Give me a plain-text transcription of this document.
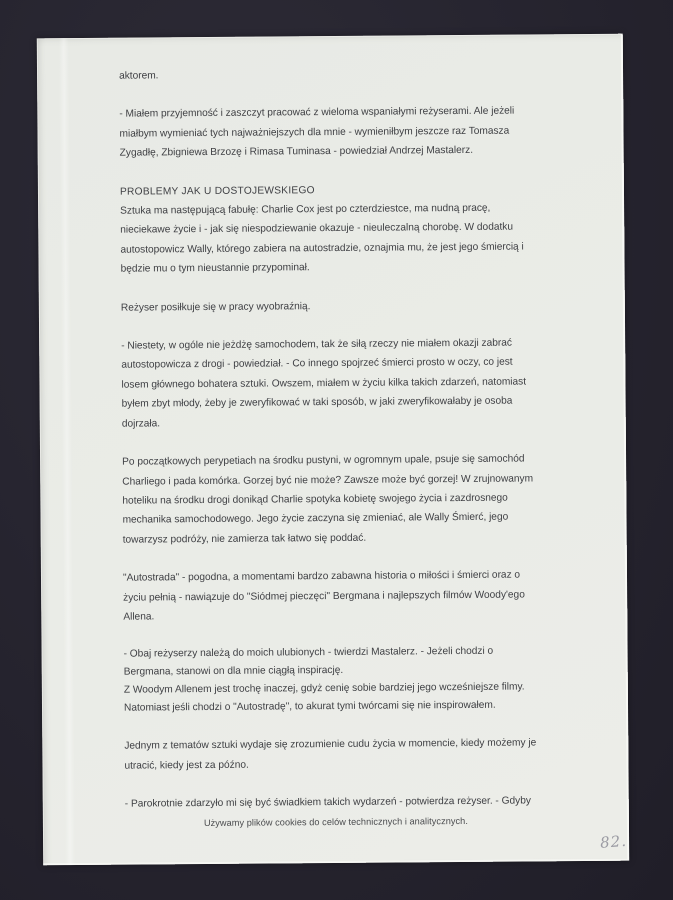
aktorem.
- Miałem przyjemność i zaszczyt pracować z wieloma wspaniałymi reżyserami. Ale jeżeli
miałbym wymieniać tych najważniejszych dla mnie - wymieniłbym jeszcze raz Tomasza
Zygadłę, Zbigniewa Brzozę i Rimasa Tuminasa - powiedział Andrzej Mastalerz.
PROBLEMY JAK U DOSTOJEWSKIEGO
Sztuka ma następującą fabułę: Charlie Cox jest po czterdziestce, ma nudną pracę,
nieciekawe życie i - jak się niespodziewanie okazuje - nieuleczalną chorobę. W dodatku
autostopowicz Wally, którego zabiera na autostradzie, oznajmia mu, że jest jego śmiercią i
będzie mu o tym nieustannie przypominał.
Reżyser posiłkuje się w pracy wyobraźnią.
- Niestety, w ogóle nie jeżdżę samochodem, tak że siłą rzeczy nie miałem okazji zabrać
autostopowicza z drogi - powiedział. - Co innego spojrzeć śmierci prosto w oczy, co jest
losem głównego bohatera sztuki. Owszem, miałem w życiu kilka takich zdarzeń, natomiast
byłem zbyt młody, żeby je zweryfikować w taki sposób, w jaki zweryfikowałaby je osoba
dojrzała.
Po początkowych perypetiach na środku pustyni, w ogromnym upale, psuje się samochód
Charliego i pada komórka. Gorzej być nie może? Zawsze może być gorzej! W zrujnowanym
hoteliku na środku drogi donikąd Charlie spotyka kobietę swojego życia i zazdrosnego
mechanika samochodowego. Jego życie zaczyna się zmieniać, ale Wally Śmierć, jego
towarzysz podróży, nie zamierza tak łatwo się poddać.
"Autostrada" - pogodna, a momentami bardzo zabawna historia o miłości i śmierci oraz o
życiu pełnią - nawiązuje do "Siódmej pieczęci" Bergmana i najlepszych filmów Woody'ego
Allena.
- Obaj reżyserzy należą do moich ulubionych - twierdzi Mastalerz. - Jeżeli chodzi o
Bergmana, stanowi on dla mnie ciągłą inspirację.
Z Woodym Allenem jest trochę inaczej, gdyż cenię sobie bardziej jego wcześniejsze filmy.
Natomiast jeśli chodzi o "Autostradę", to akurat tymi twórcami się nie inspirowałem.
Jednym z tematów sztuki wydaje się zrozumienie cudu życia w momencie, kiedy możemy je
utracić, kiedy jest za późno.
- Parokrotnie zdarzyło mi się być świadkiem takich wydarzeń - potwierdza reżyser. - Gdyby
Używamy plików cookies do celów technicznych i analitycznych.
82.
